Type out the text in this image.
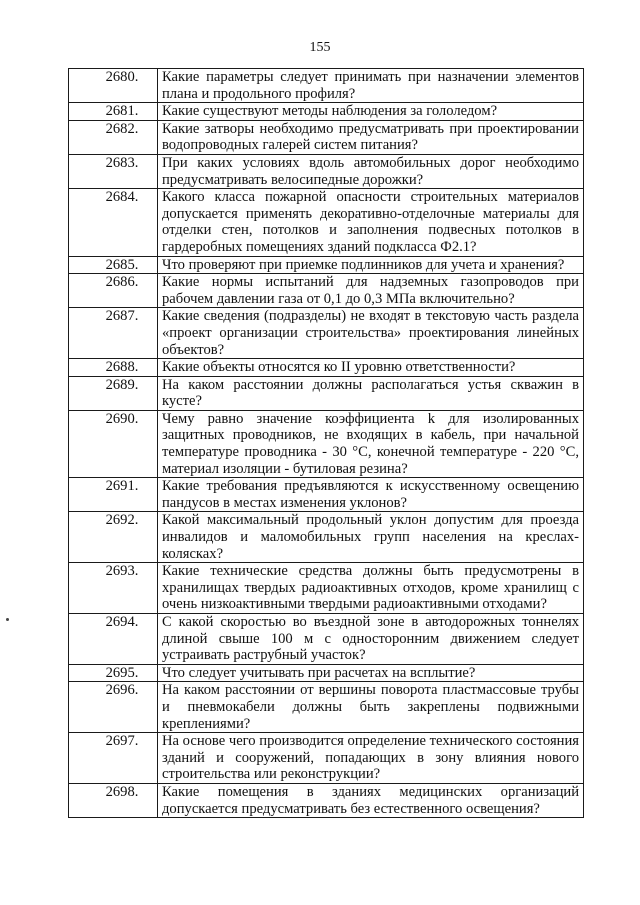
155
2680.	Какие параметры следует принимать при назначении элементов плана и продольного профиля?
2681.	Какие существуют методы наблюдения за гололедом?
2682.	Какие затворы необходимо предусматривать при проектировании водопроводных галерей систем питания?
2683.	При каких условиях вдоль автомобильных дорог необходимо предусматривать велосипедные дорожки?
2684.	Какого класса пожарной опасности строительных материалов допускается применять декоративно-отделочные материалы для отделки стен, потолков и заполнения подвесных потолков в гардеробных помещениях зданий подкласса Ф2.1?
2685.	Что проверяют при приемке подлинников для учета и хранения?
2686.	Какие нормы испытаний для надземных газопроводов при рабочем давлении газа от 0,1 до 0,3 МПа включительно?
2687.	Какие сведения (подразделы) не входят в текстовую часть раздела «проект организации строительства» проектирования линейных объектов?
2688.	Какие объекты относятся ко II уровню ответственности?
2689.	На каком расстоянии должны располагаться устья скважин в кусте?
2690.	Чему равно значение коэффициента k для изолированных защитных проводников, не входящих в кабель, при начальной температуре проводника - 30 °С, конечной температуре - 220 °С, материал изоляции - бутиловая резина?
2691.	Какие требования предъявляются к искусственному освещению пандусов в местах изменения уклонов?
2692.	Какой максимальный продольный уклон допустим для проезда инвалидов и маломобильных групп населения на креслах-колясках?
2693.	Какие технические средства должны быть предусмотрены в хранилищах твердых радиоактивных отходов, кроме хранилищ с очень низкоактивными твердыми радиоактивными отходами?
2694.	С какой скоростью во въездной зоне в автодорожных тоннелях длиной свыше 100 м с односторонним движением следует устраивать раструбный участок?
2695.	Что следует учитывать при расчетах на всплытие?
2696.	На каком расстоянии от вершины поворота пластмассовые трубы и пневмокабели должны быть закреплены подвижными креплениями?
2697.	На основе чего производится определение технического состояния зданий и сооружений, попадающих в зону влияния нового строительства или реконструкции?
2698.	Какие помещения в зданиях медицинских организаций допускается предусматривать без естественного освещения?
